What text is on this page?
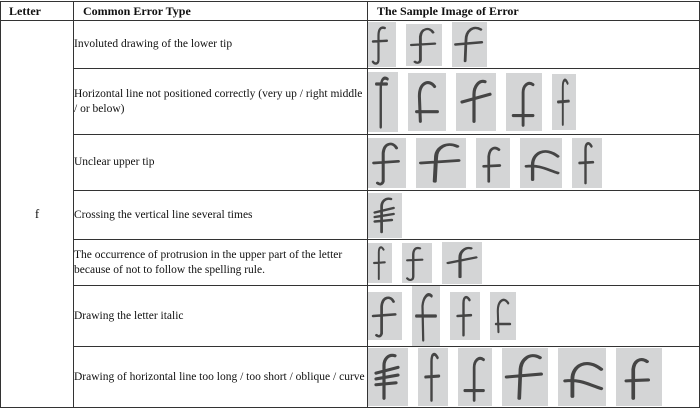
Letter	Common Error Type	The Sample Image of Error
f	Involuted drawing of the lower tip	

	Horizontal line not positioned correctly (very up / right middle / or below)	

	Unclear upper tip	

	Crossing the vertical line several times	

	The occurrence of protrusion in the upper part of the letter because of not to follow the spelling rule.	

	Drawing the letter italic	

	Drawing of horizontal line too long / too short / oblique / curve	
